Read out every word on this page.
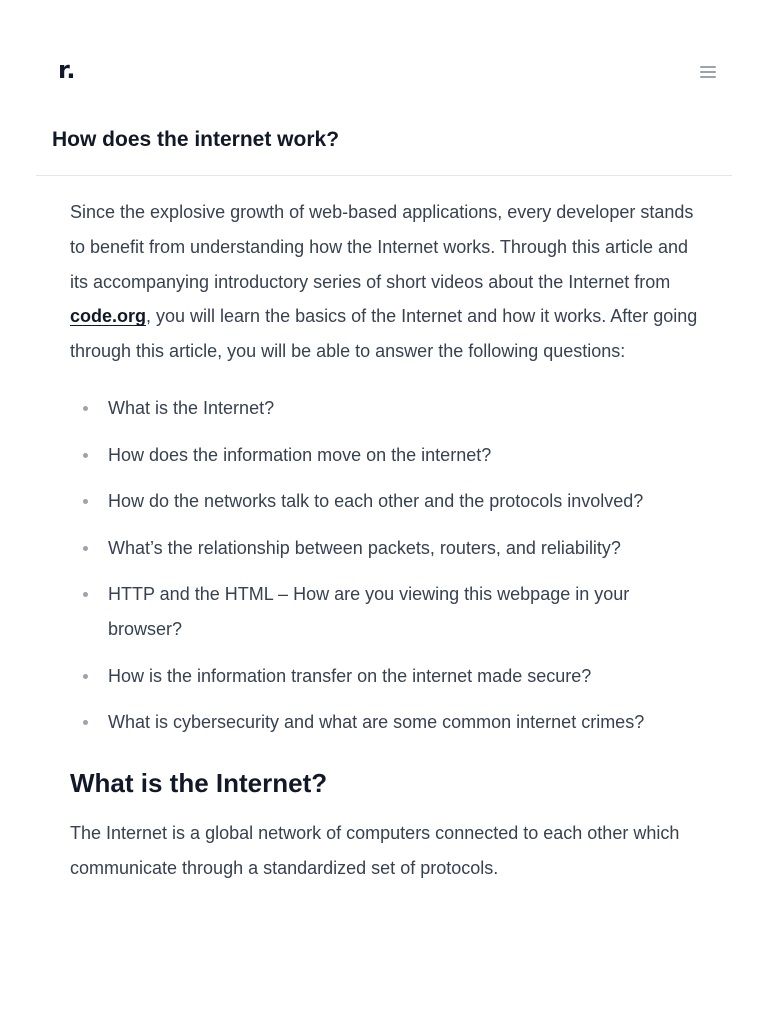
r.
How does the internet work?

Since the explosive growth of web-based applications, every developer stands to benefit from understanding how the Internet works. Through this article and its accompanying introductory series of short videos about the Internet from code.org, you will learn the basics of the Internet and how it works. After going through this article, you will be able to answer the following questions:

What is the Internet?
How does the information move on the internet?
How do the networks talk to each other and the protocols involved?
What’s the relationship between packets, routers, and reliability?
HTTP and the HTML – How are you viewing this webpage in your browser?
How is the information transfer on the internet made secure?
What is cybersecurity and what are some common internet crimes?
What is the Internet?

The Internet is a global network of computers connected to each other which communicate through a standardized set of protocols.
